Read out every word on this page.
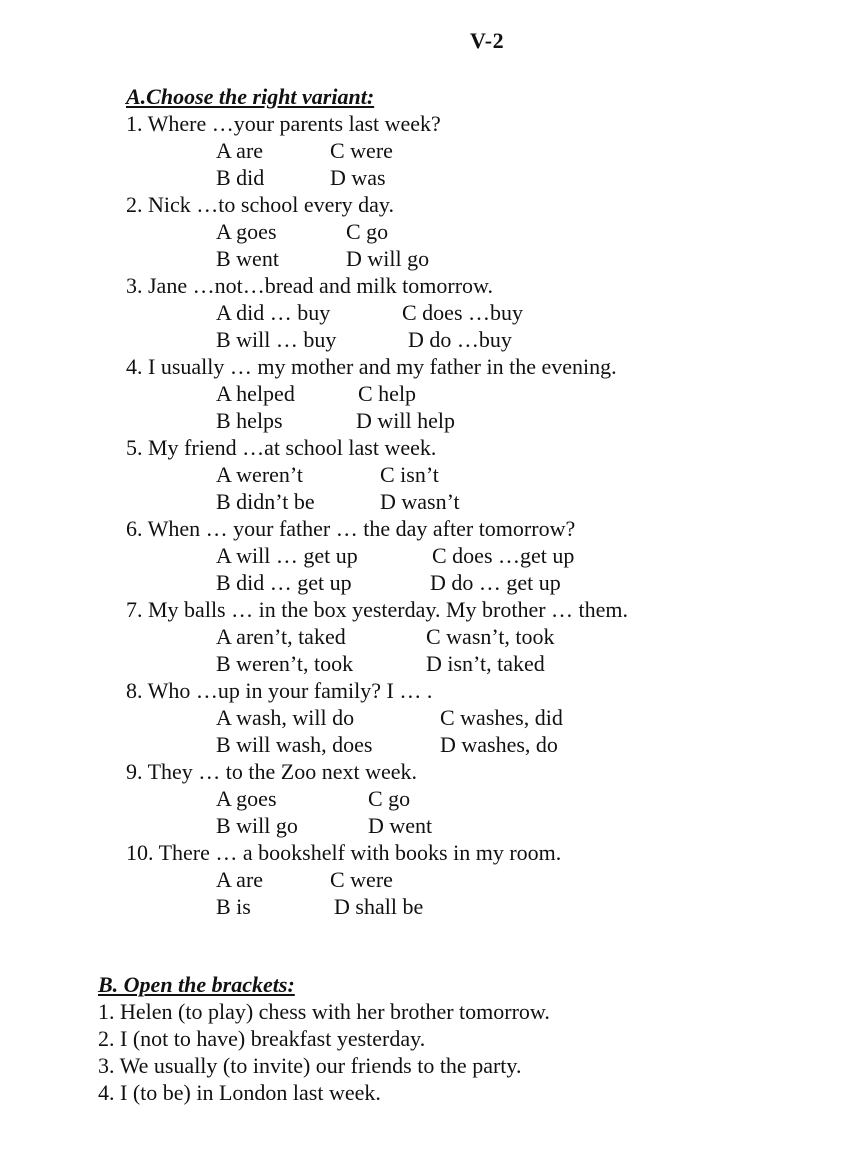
V-2
A.Choose the right variant:
1. Where …your parents last week?
A are
B did
C were
D was
2. Nick …to school every day.
A goes
B went
C go
D will go
3. Jane …not…bread and milk tomorrow.
A did … buy
B will … buy
C does …buy
D do …buy
4. I usually … my mother and my father in the evening.
A helped
B helps
C help
D will help
5. My friend …at school last week.
A weren’t
B didn’t be
C isn’t
D wasn’t
6. When … your father … the day after tomorrow?
A will … get up
B did … get up
C does …get up
D do … get up
7. My balls … in the box yesterday. My brother … them.
A aren’t, taked
B weren’t, took
C wasn’t, took
D isn’t, taked
8. Who …up in your family? I … .
A wash, will do
B will wash, does
C washes, did
D washes, do
9. They … to the Zoo next week.
A goes
B will go
C go
D went
10. There … a bookshelf with books in my room.
A are
B is
C were
D shall be
B. Open the brackets:
1. Helen (to play) chess with her brother tomorrow.
2. I (not to have) breakfast yesterday.
3. We usually (to invite) our friends to the party.
4. I (to be) in London last week.
